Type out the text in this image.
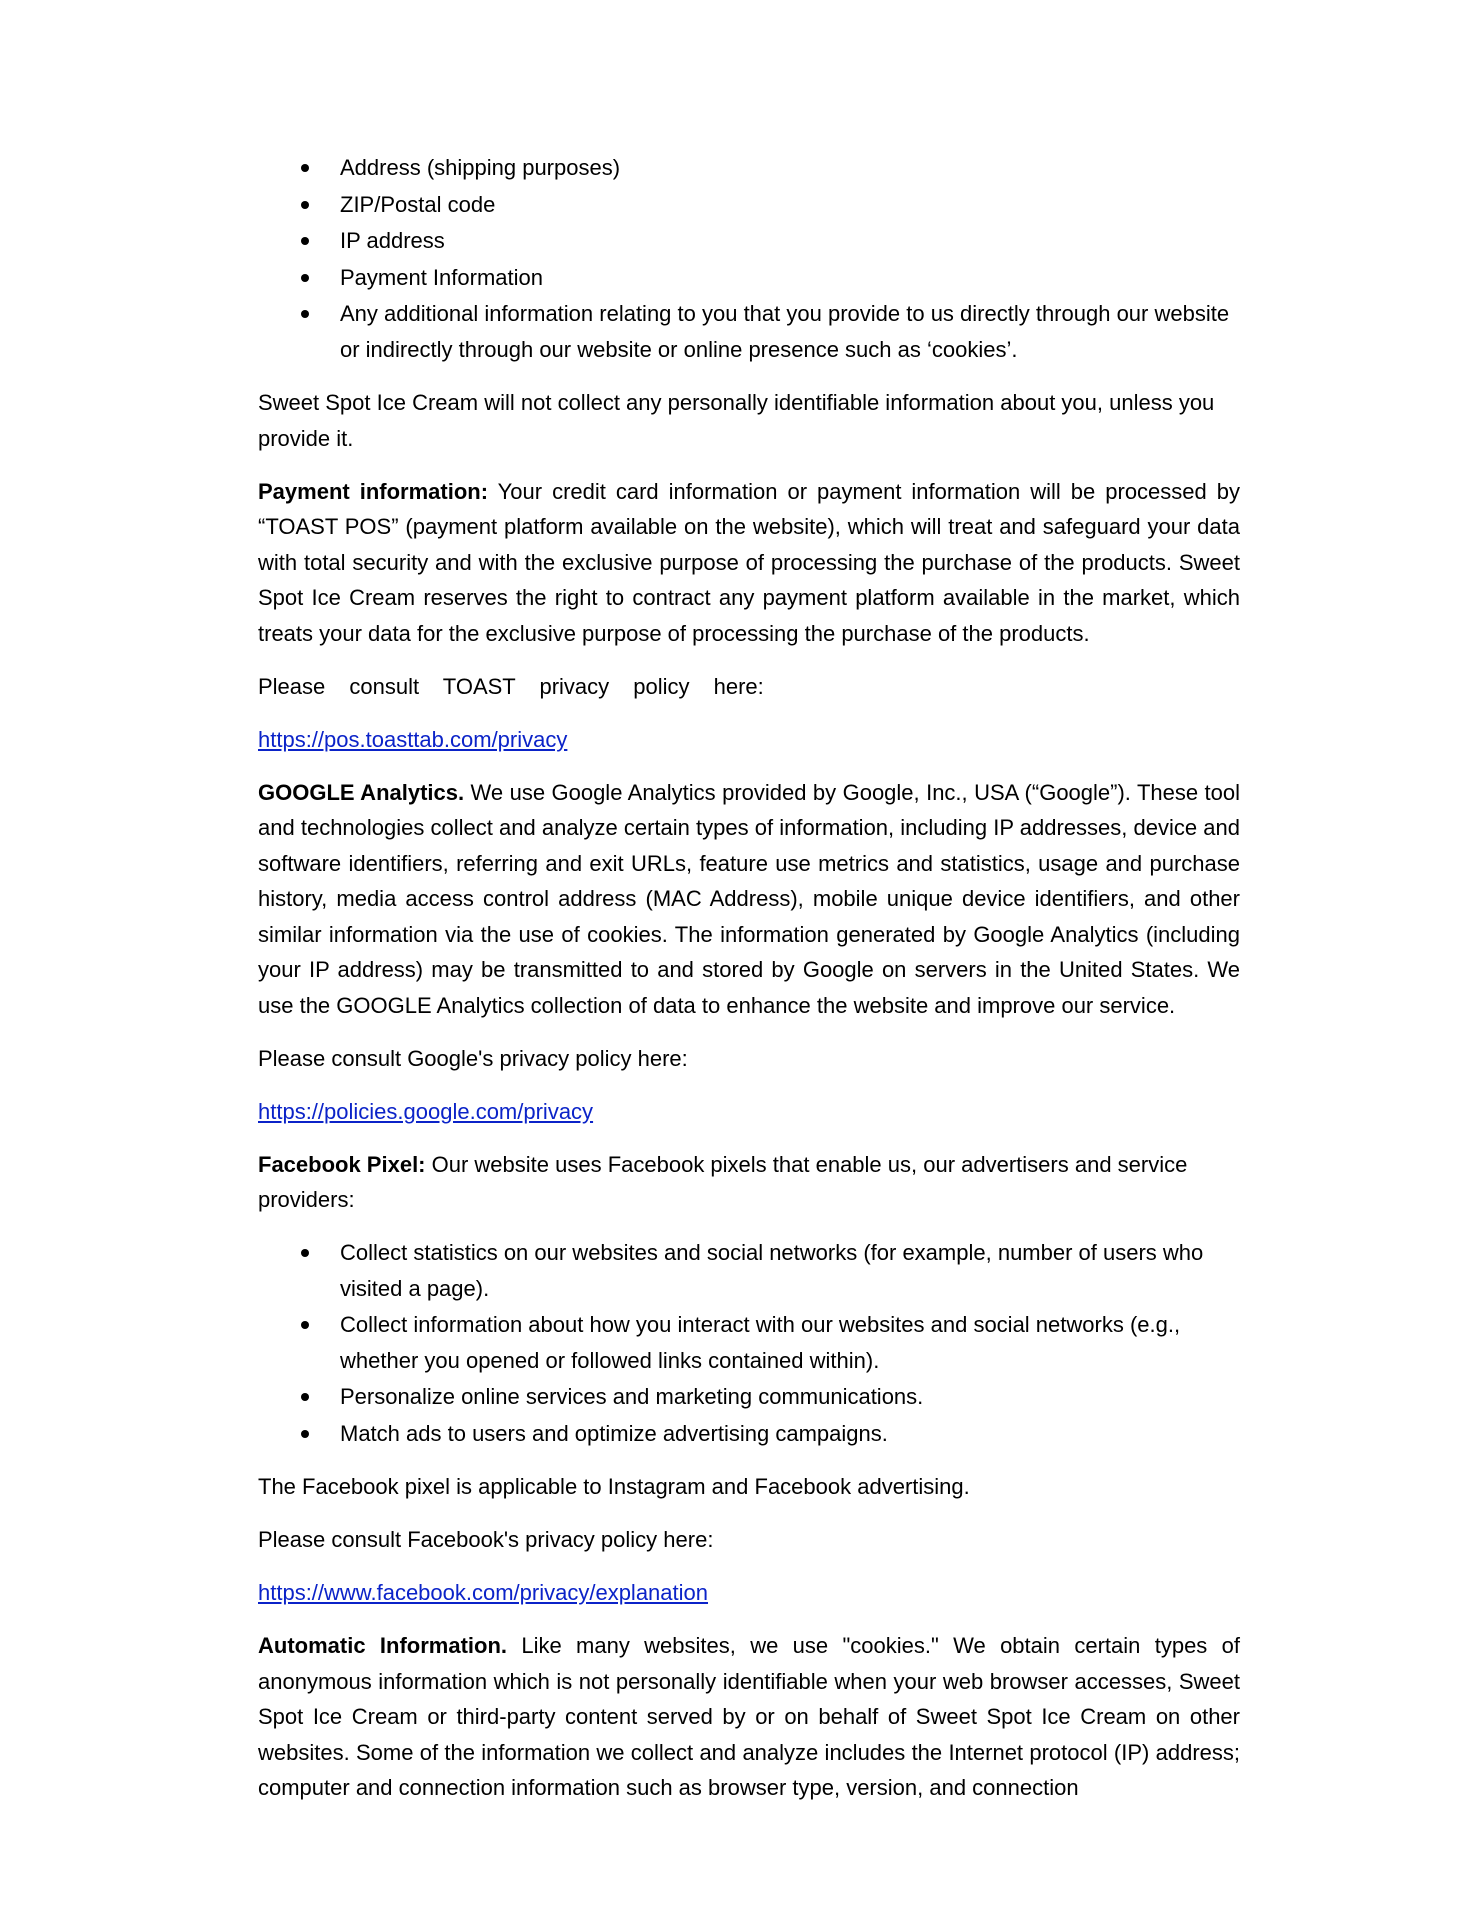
Address (shipping purposes)
ZIP/Postal code
IP address
Payment Information
Any additional information relating to you that you provide to us directly through our website or indirectly through our website or online presence such as ‘cookies’.

Sweet Spot Ice Cream will not collect any personally identifiable information about you, unless you provide it.

Payment information: Your credit card information or payment information will be processed by “TOAST POS” (payment platform available on the website), which will treat and safeguard your data with total security and with the exclusive purpose of processing the purchase of the products. Sweet Spot Ice Cream reserves the right to contract any payment platform available in the market, which treats your data for the exclusive purpose of processing the purchase of the products.

Please consult TOAST privacy policy here:

https://pos.toasttab.com/privacy

GOOGLE Analytics. We use Google Analytics provided by Google, Inc., USA (“Google”). These tool and technologies collect and analyze certain types of information, including IP addresses, device and software identifiers, referring and exit URLs, feature use metrics and statistics, usage and purchase history, media access control address (MAC Address), mobile unique device identifiers, and other similar information via the use of cookies. The information generated by Google Analytics (including your IP address) may be transmitted to and stored by Google on servers in the United States. We use the GOOGLE Analytics collection of data to enhance the website and improve our service.

Please consult Google's privacy policy here:

https://policies.google.com/privacy

Facebook Pixel: Our website uses Facebook pixels that enable us, our advertisers and service providers:

Collect statistics on our websites and social networks (for example, number of users who visited a page).
Collect information about how you interact with our websites and social networks (e.g., whether you opened or followed links contained within).
Personalize online services and marketing communications.
Match ads to users and optimize advertising campaigns.

The Facebook pixel is applicable to Instagram and Facebook advertising.

Please consult Facebook's privacy policy here:

https://www.facebook.com/privacy/explanation

Automatic Information. Like many websites, we use "cookies." We obtain certain types of anonymous information which is not personally identifiable when your web browser accesses, Sweet Spot Ice Cream or third-party content served by or on behalf of Sweet Spot Ice Cream on other websites. Some of the information we collect and analyze includes the Internet protocol (IP) address; computer and connection information such as browser type, version, and connection
